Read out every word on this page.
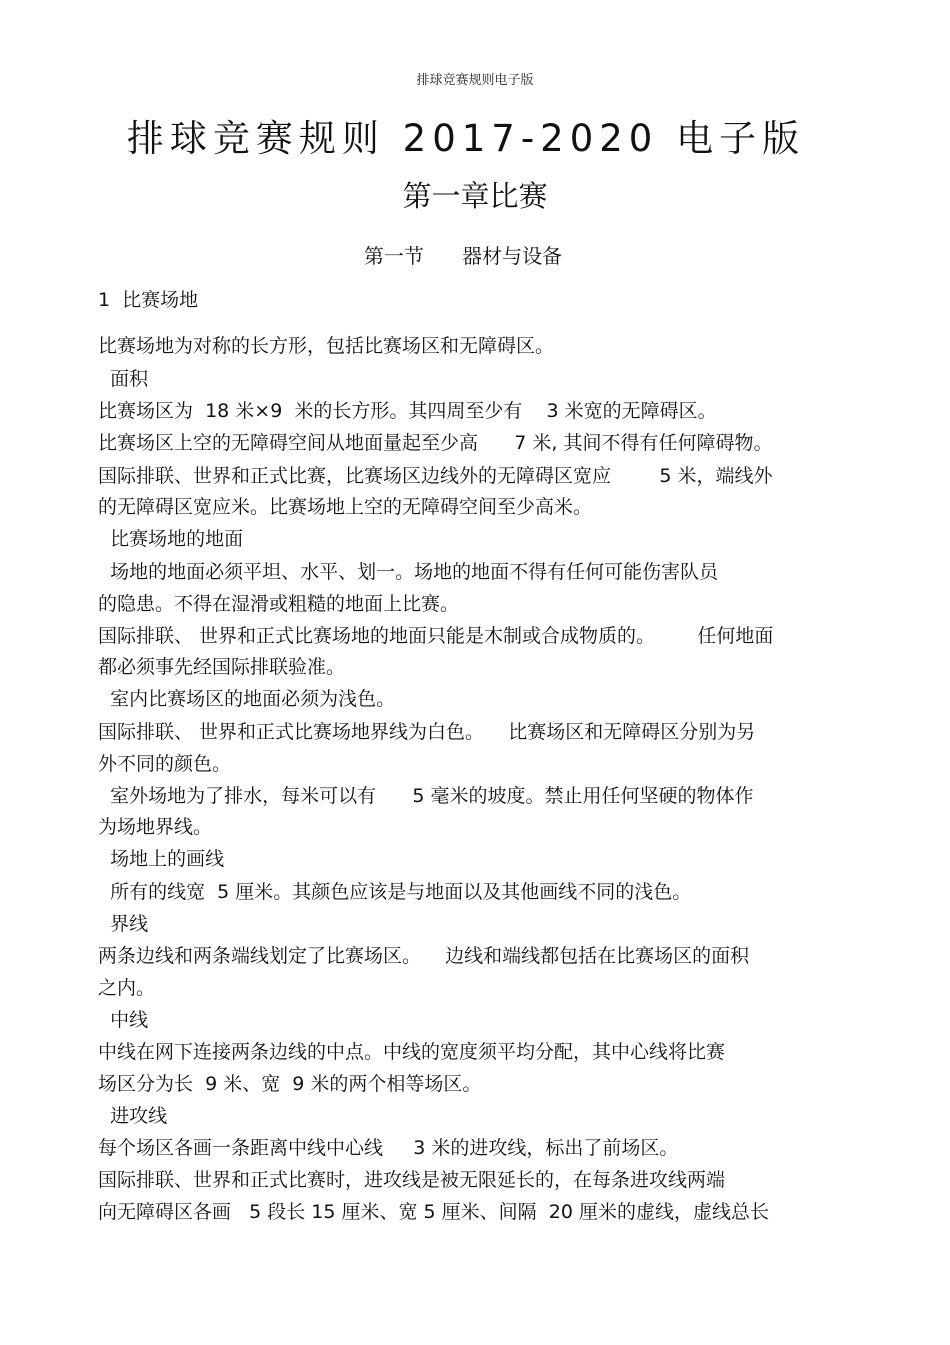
排球竞赛规则电子版
排球竞赛规则 2017-2020 电子版
第一章比赛
第一节      器材与设备
1  比赛场地
比赛场地为对称的长方形，包括比赛场区和无障碍区。
面积
比赛场区为  18 米×9  米的长方形。其四周至少有    3 米宽的无障碍区。
比赛场区上空的无障碍空间从地面量起至少高      7 米, 其间不得有任何障碍物。
国际排联、世界和正式比赛，比赛场区边线外的无障碍区宽应        5 米，端线外
的无障碍区宽应米。比赛场地上空的无障碍空间至少高米。
比赛场地的地面
场地的地面必须平坦、水平、划一。场地的地面不得有任何可能伤害队员
的隐患。不得在湿滑或粗糙的地面上比赛。
国际排联、 世界和正式比赛场地的地面只能是木制或合成物质的。       任何地面
都必须事先经国际排联验准。
室内比赛场区的地面必须为浅色。
国际排联、 世界和正式比赛场地界线为白色。    比赛场区和无障碍区分别为另
外不同的颜色。
室外场地为了排水，每米可以有      5 毫米的坡度。禁止用任何坚硬的物体作
为场地界线。
场地上的画线
所有的线宽  5 厘米。其颜色应该是与地面以及其他画线不同的浅色。
界线
两条边线和两条端线划定了比赛场区。    边线和端线都包括在比赛场区的面积
之内。
中线
中线在网下连接两条边线的中点。中线的宽度须平均分配，其中心线将比赛
场区分为长  9 米、宽  9 米的两个相等场区。
进攻线
每个场区各画一条距离中线中心线     3 米的进攻线，标出了前场区。
国际排联、世界和正式比赛时，进攻线是被无限延长的，在每条进攻线两端
向无障碍区各画   5 段长 15 厘米、宽 5 厘米、间隔  20 厘米的虚线，虚线总长
